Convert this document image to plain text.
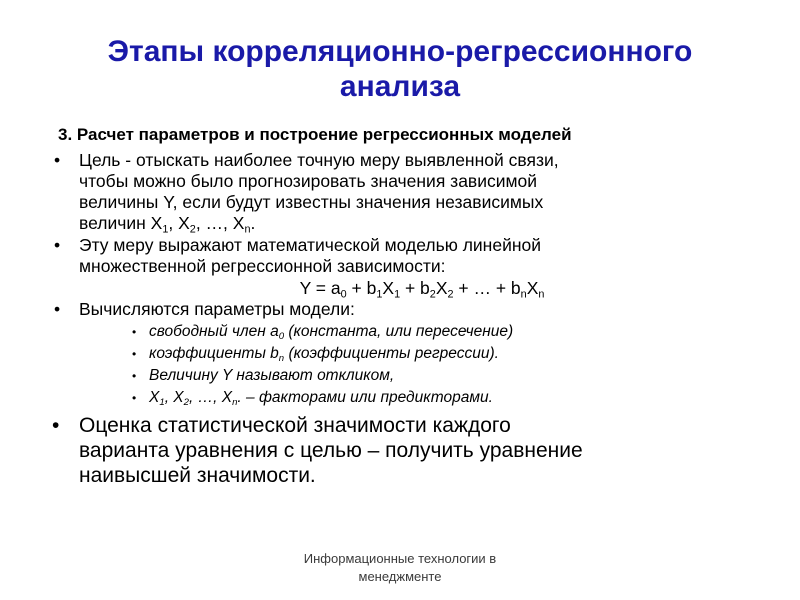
Этапы корреляционно-регрессионного
анализа
3. Расчет параметров и построение регрессионных моделей
• Цель - отыскать наиболее точную меру выявленной связи,
чтобы можно было прогнозировать значения зависимой
величины Y, если будут известны значения независимых
величин $X_1$, $X_2$, …, $X_n$.
• Эту меру выражают математической моделью линейной
множественной регрессионной зависимости:
$Y = a_0 + b_1X_1 + b_2X_2$ + … + $b_nX_n$
• Вычисляются параметры модели:
• свободный член $a_0$ (константа, или пересечение)
• коэффициенты $b_n$ (коэффициенты регрессии).
• Величину Y называют откликом,
• $X_1$, $X_2$, …, $X_n$. – факторами или предикторами.
• Оценка статистической значимости каждого
варианта уравнения с целью – получить уравнение
наивысшей значимости.
Информационные технологии в
менеджменте
